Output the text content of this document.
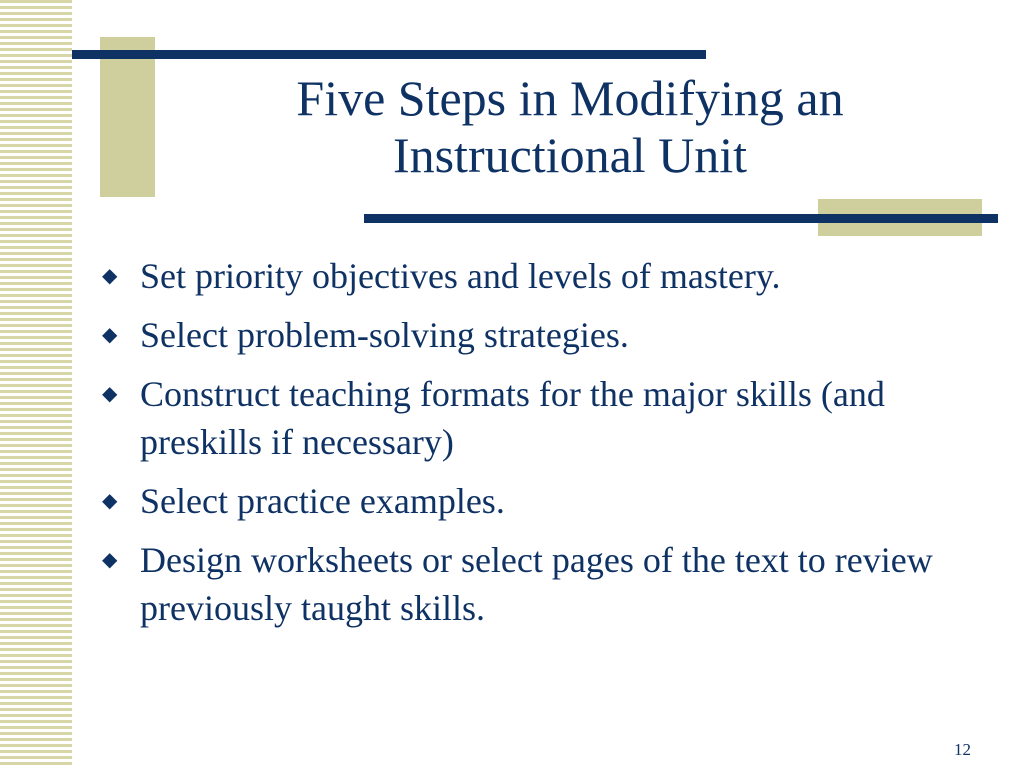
Five Steps in Modifying an
Instructional Unit
◆ Set priority objectives and levels of mastery.
◆ Select problem-solving strategies.
◆ Construct teaching formats for the major skills (and preskills if necessary)
◆ Select practice examples.
◆ Design worksheets or select pages of the text to review previously taught skills.
12
